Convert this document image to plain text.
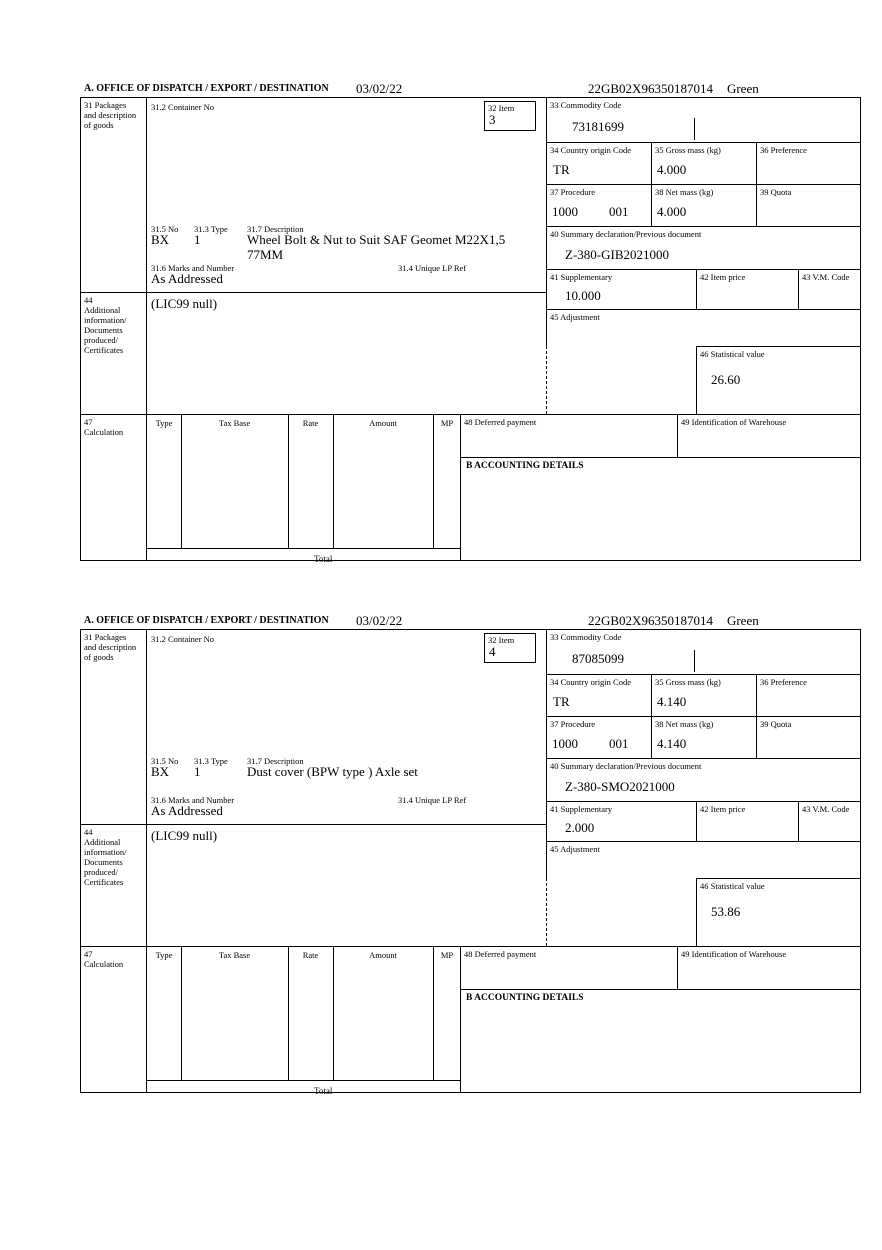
A. OFFICE OF DISPATCH / EXPORT / DESTINATION 03/02/22	22GB02X96350187014 Green
31 Packages
and description of goods
44
Additional information/ Documents produced/ Certificates
47
Calculation
31.2 Container No	32 Item
3
31.5 No 31.3 Type 31.7 Description
BX 1	Wheel Bolt & Nut to Suit SAF Geomet M22X1,5 77MM
31.6 Marks and Number	31.4 Unique LP Ref
As Addressed
(LIC99 null)
33 Commodity Code
73181699
34 Country origin Code
TR
35 Gross mass (kg)
4.000
36 Preference
37 Procedure
1000 001
38 Net mass (kg)
4.000
39 Quota
40 Summary declaration/Previous document
Z-380-GIB2021000
41 Supplementary
10.000
42 Item price	43 V.M. Code
45 Adjustment
46 Statistical value
26.60
Type	Tax Base	Rate	Amount	MP
Total
48 Deferred payment	49 Identification of Warehouse
B ACCOUNTING DETAILS
A. OFFICE OF DISPATCH / EXPORT / DESTINATION 03/02/22	22GB02X96350187014 Green
31 Packages
and description of goods
44
Additional information/ Documents produced/ Certificates
47
Calculation
31.2 Container No	32 Item
4
31.5 No 31.3 Type 31.7 Description
BX 1	Dust cover (BPW type ) Axle set
31.6 Marks and Number	31.4 Unique LP Ref
As Addressed
(LIC99 null)
33 Commodity Code
87085099
34 Country origin Code
TR
35 Gross mass (kg)
4.140
36 Preference
37 Procedure
1000 001
38 Net mass (kg)
4.140
39 Quota
40 Summary declaration/Previous document
Z-380-SMO2021000
41 Supplementary
2.000
42 Item price	43 V.M. Code
45 Adjustment
46 Statistical value
53.86
Type	Tax Base	Rate	Amount	MP
Total
48 Deferred payment	49 Identification of Warehouse
B ACCOUNTING DETAILS
